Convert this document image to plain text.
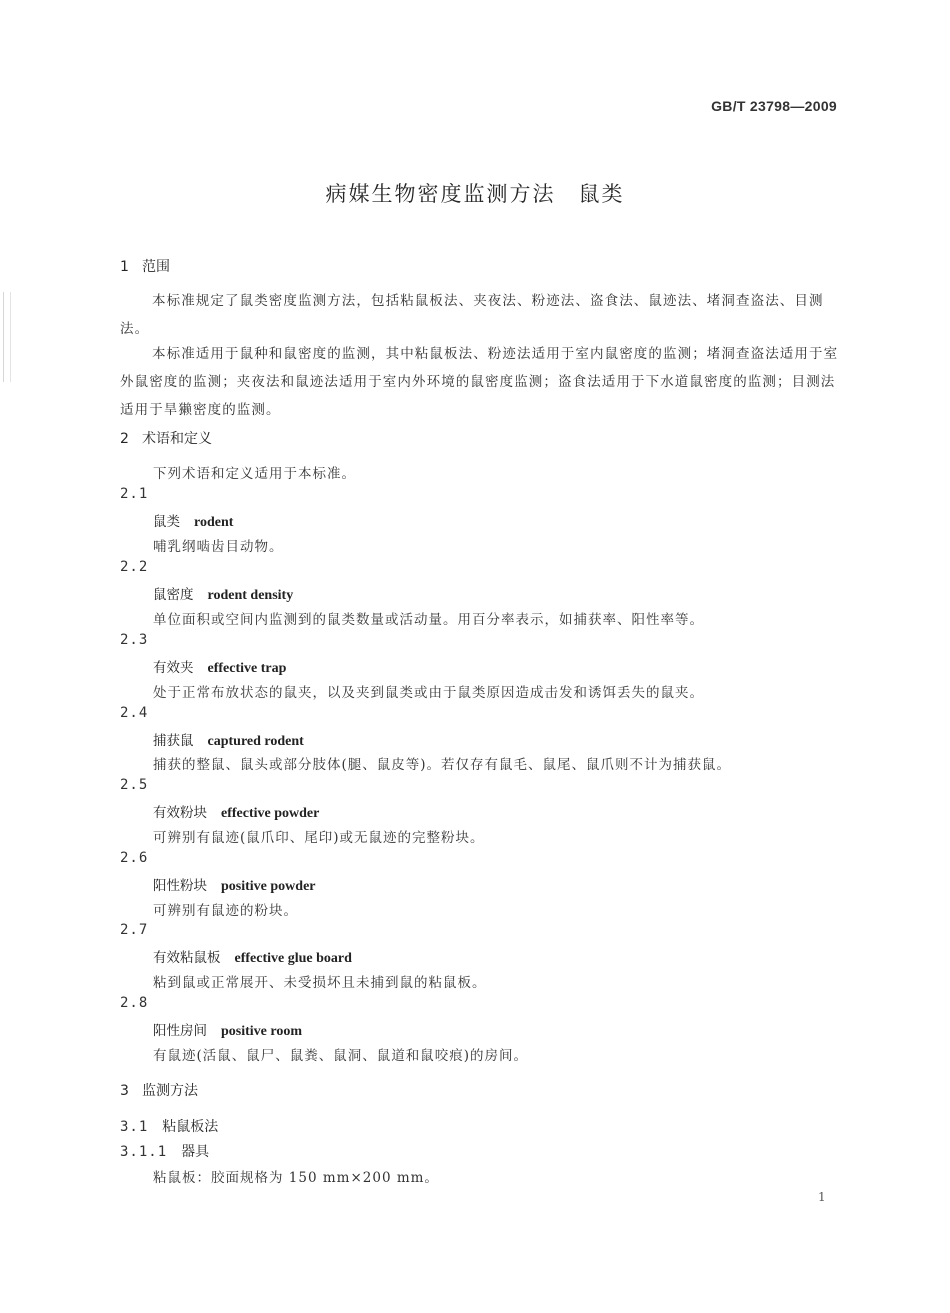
GB/T 23798—2009
病媒生物密度监测方法　鼠类
1 范围
本标准规定了鼠类密度监测方法，包括粘鼠板法、夹夜法、粉迹法、盗食法、鼠迹法、堵洞查盗法、目测法。
本标准适用于鼠种和鼠密度的监测，其中粘鼠板法、粉迹法适用于室内鼠密度的监测；堵洞查盗法适用于室外鼠密度的监测；夹夜法和鼠迹法适用于室内外环境的鼠密度监测；盗食法适用于下水道鼠密度的监测；目测法适用于旱獭密度的监测。
2 术语和定义
下列术语和定义适用于本标准。
2.1
鼠类 rodent
哺乳纲啮齿目动物。
2.2
鼠密度 rodent density
单位面积或空间内监测到的鼠类数量或活动量。用百分率表示，如捕获率、阳性率等。
2.3
有效夹 effective trap
处于正常布放状态的鼠夹，以及夹到鼠类或由于鼠类原因造成击发和诱饵丢失的鼠夹。
2.4
捕获鼠 captured rodent
捕获的整鼠、鼠头或部分肢体(腿、鼠皮等)。若仅存有鼠毛、鼠尾、鼠爪则不计为捕获鼠。
2.5
有效粉块 effective powder
可辨别有鼠迹(鼠爪印、尾印)或无鼠迹的完整粉块。
2.6
阳性粉块 positive powder
可辨别有鼠迹的粉块。
2.7
有效粘鼠板 effective glue board
粘到鼠或正常展开、未受损坏且未捕到鼠的粘鼠板。
2.8
阳性房间 positive room
有鼠迹(活鼠、鼠尸、鼠粪、鼠洞、鼠道和鼠咬痕)的房间。
3 监测方法
3.1 粘鼠板法
3.1.1 器具
粘鼠板：胶面规格为 150 mm×200 mm。
1
